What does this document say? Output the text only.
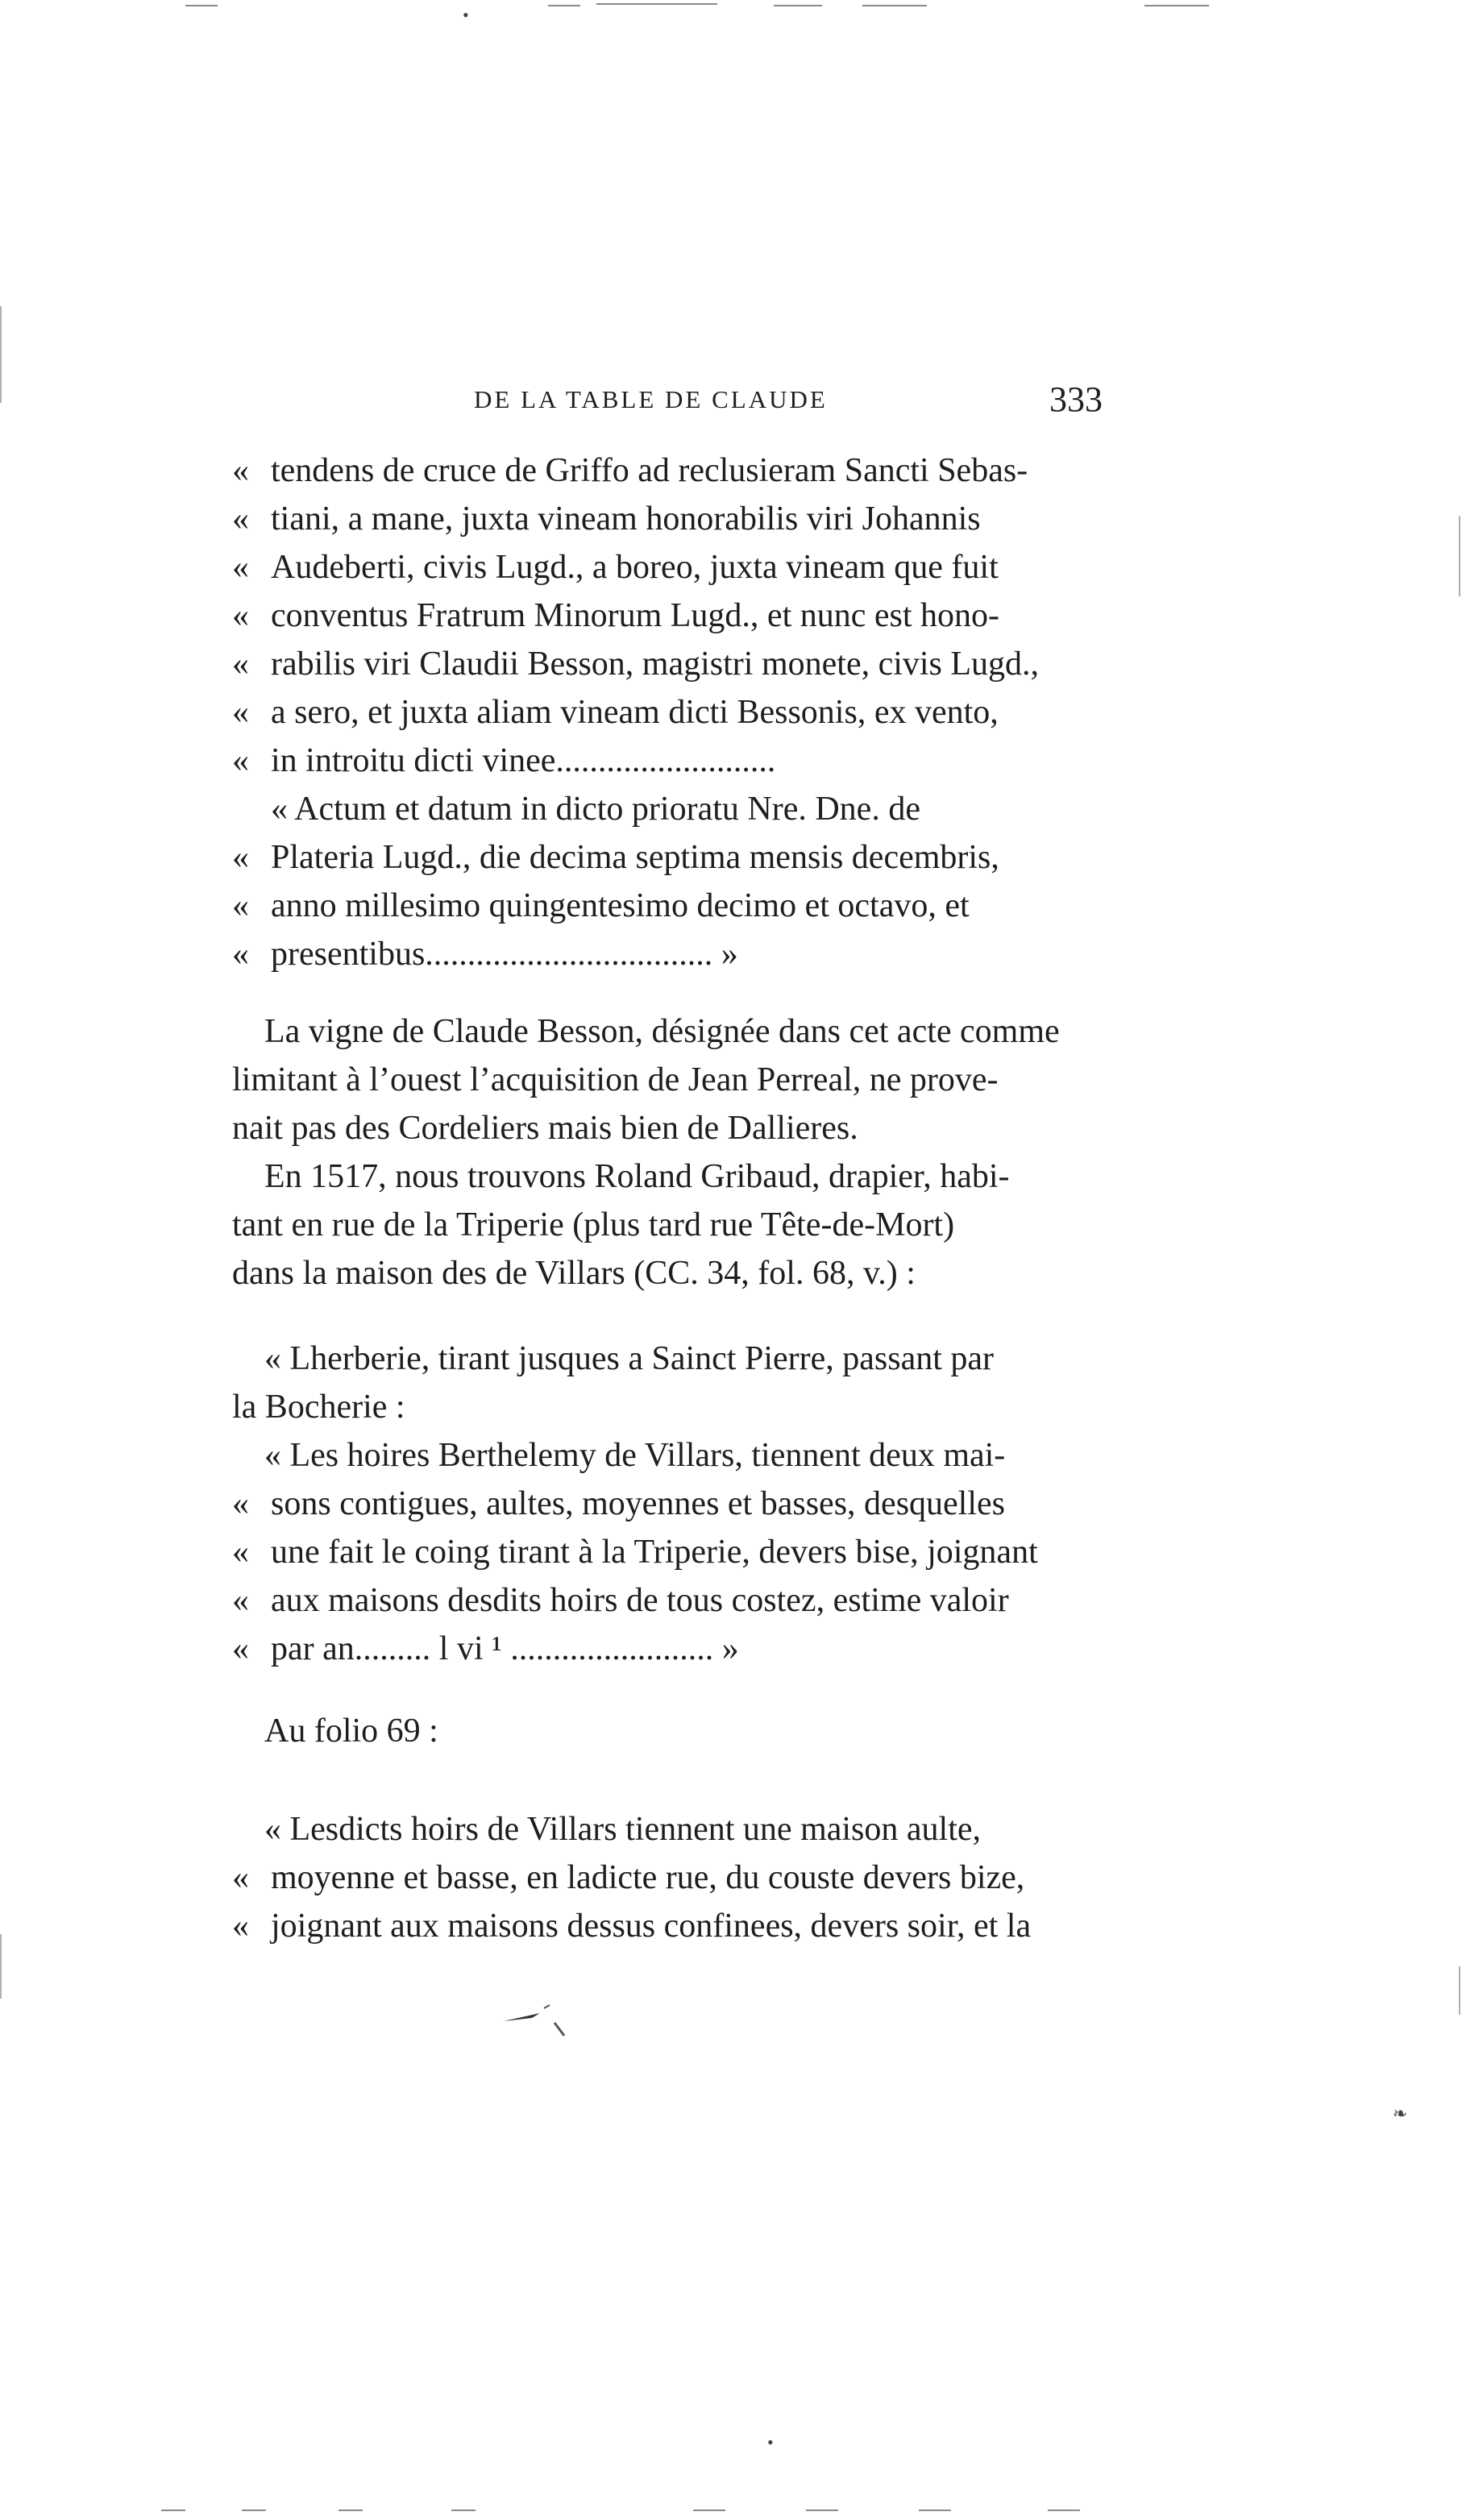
•
❧
•
DE LA TABLE DE CLAUDE	333
« tendens de cruce de Griffo ad reclusieram Sancti Sebas-
« tiani, a mane, juxta vineam honorabilis viri Johannis
« Audeberti, civis Lugd., a boreo, juxta vineam que fuit
« conventus Fratrum Minorum Lugd., et nunc est hono-
« rabilis viri Claudii Besson, magistri monete, civis Lugd.,
« a sero, et juxta aliam vineam dicti Bessonis, ex vento,
« in introitu dicti vinee..........................
« Actum et datum in dicto prioratu Nre. Dne. de
« Plateria Lugd., die decima septima mensis decembris,
« anno millesimo quingentesimo decimo et octavo, et
« presentibus.................................. »
La vigne de Claude Besson, désignée dans cet acte comme
limitant à l’ouest l’acquisition de Jean Perreal, ne prove-
nait pas des Cordeliers mais bien de Dallieres.
En 1517, nous trouvons Roland Gribaud, drapier, habi-
tant en rue de la Triperie (plus tard rue Tête-de-Mort)
dans la maison des de Villars (CC. 34, fol. 68, v.) :
« Lherberie, tirant jusques a Sainct Pierre, passant par
la Bocherie :
« Les hoires Berthelemy de Villars, tiennent deux mai-
« sons contigues, aultes, moyennes et basses, desquelles
« une fait le coing tirant à la Triperie, devers bise, joignant
« aux maisons desdits hoirs de tous costez, estime valoir
« par an......... l vi ¹ ........................ »
Au folio 69 :
« Lesdicts hoirs de Villars tiennent une maison aulte,
« moyenne et basse, en ladicte rue, du couste devers bize,
« joignant aux maisons dessus confinees, devers soir, et la
